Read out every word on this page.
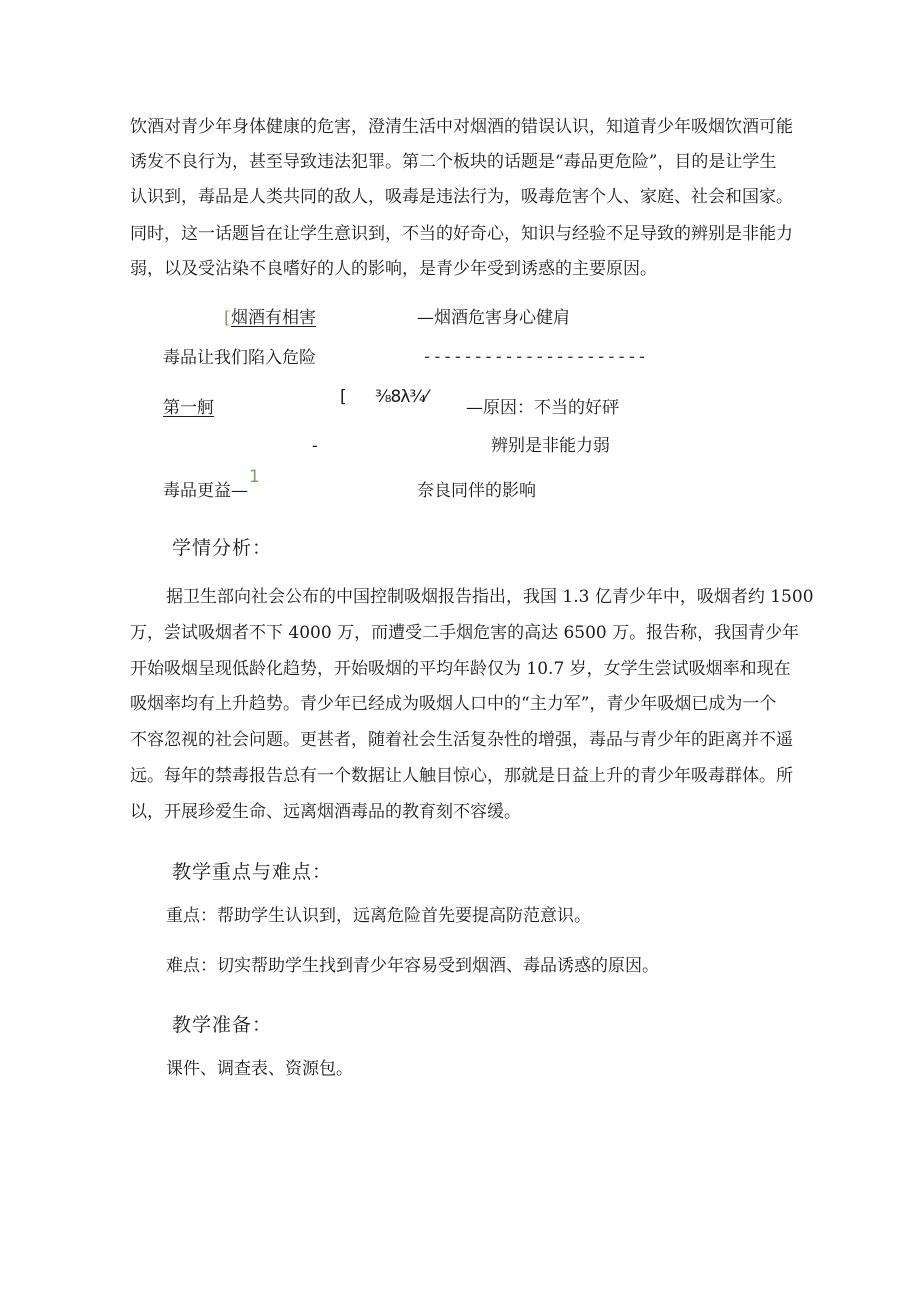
饮酒对青少年身体健康的危害，澄清生活中对烟酒的错误认识，知道青少年吸烟饮酒可能
诱发不良行为，甚至导致违法犯罪。第二个板块的话题是“毒品更危险”，目的是让学生
认识到，毒品是人类共同的敌人，吸毒是违法行为，吸毒危害个人、家庭、社会和国家。
同时，这一话题旨在让学生意识到，不当的好奇心，知识与经验不足导致的辨别是非能力
弱，以及受沾染不良嗜好的人的影响，是青少年受到诱惑的主要原因。
[ 烟酒有相害	—烟酒危害身心健肩
毒品让我们陷入危险	----------------------
第一舸
[ ⅜8λ¾⁄
— 原因：不当的好砰
-	辨别是非能力弱
毒品更益—
1
奈良同伴的影响
学情分析：
据卫生部向社会公布的中国控制吸烟报告指出，我国 1.3 亿青少年中，吸烟者约 1500
万，尝试吸烟者不下 4000 万，而遭受二手烟危害的高达 6500 万。报告称，我国青少年
开始吸烟呈现低龄化趋势，开始吸烟的平均年龄仅为 10.7 岁，女学生尝试吸烟率和现在
吸烟率均有上升趋势。青少年已经成为吸烟人口中的“主力军”，青少年吸烟已成为一个
不容忽视的社会问题。更甚者，随着社会生活复杂性的增强，毒品与青少年的距离并不遥
远。每年的禁毒报告总有一个数据让人触目惊心，那就是日益上升的青少年吸毒群体。所
以，开展珍爱生命、远离烟酒毒品的教育刻不容缓。
教学重点与难点：
重点：帮助学生认识到，远离危险首先要提高防范意识。
难点：切实帮助学生找到青少年容易受到烟酒、毒品诱惑的原因。
教学准备：
课件、调查表、资源包。
